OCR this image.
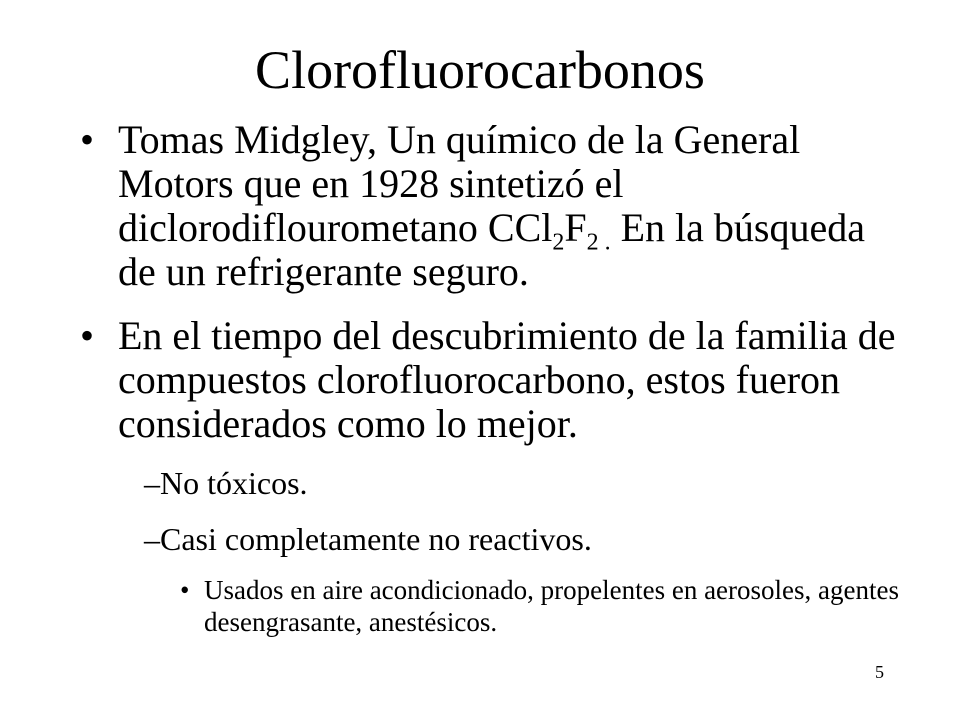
Clorofluorocarbonos
• Tomas Midgley, Un químico de la General Motors que en 1928 sintetizó el diclorodiflourometano $CCl_2F_{2 .}$ En la búsqueda de un refrigerante seguro.
• En el tiempo del descubrimiento de la familia de compuestos clorofluorocarbono, estos fueron considerados como lo mejor.
– No tóxicos.
– Casi completamente no reactivos.
• Usados en aire acondicionado, propelentes en aerosoles, agentes desengrasante, anestésicos.
5
